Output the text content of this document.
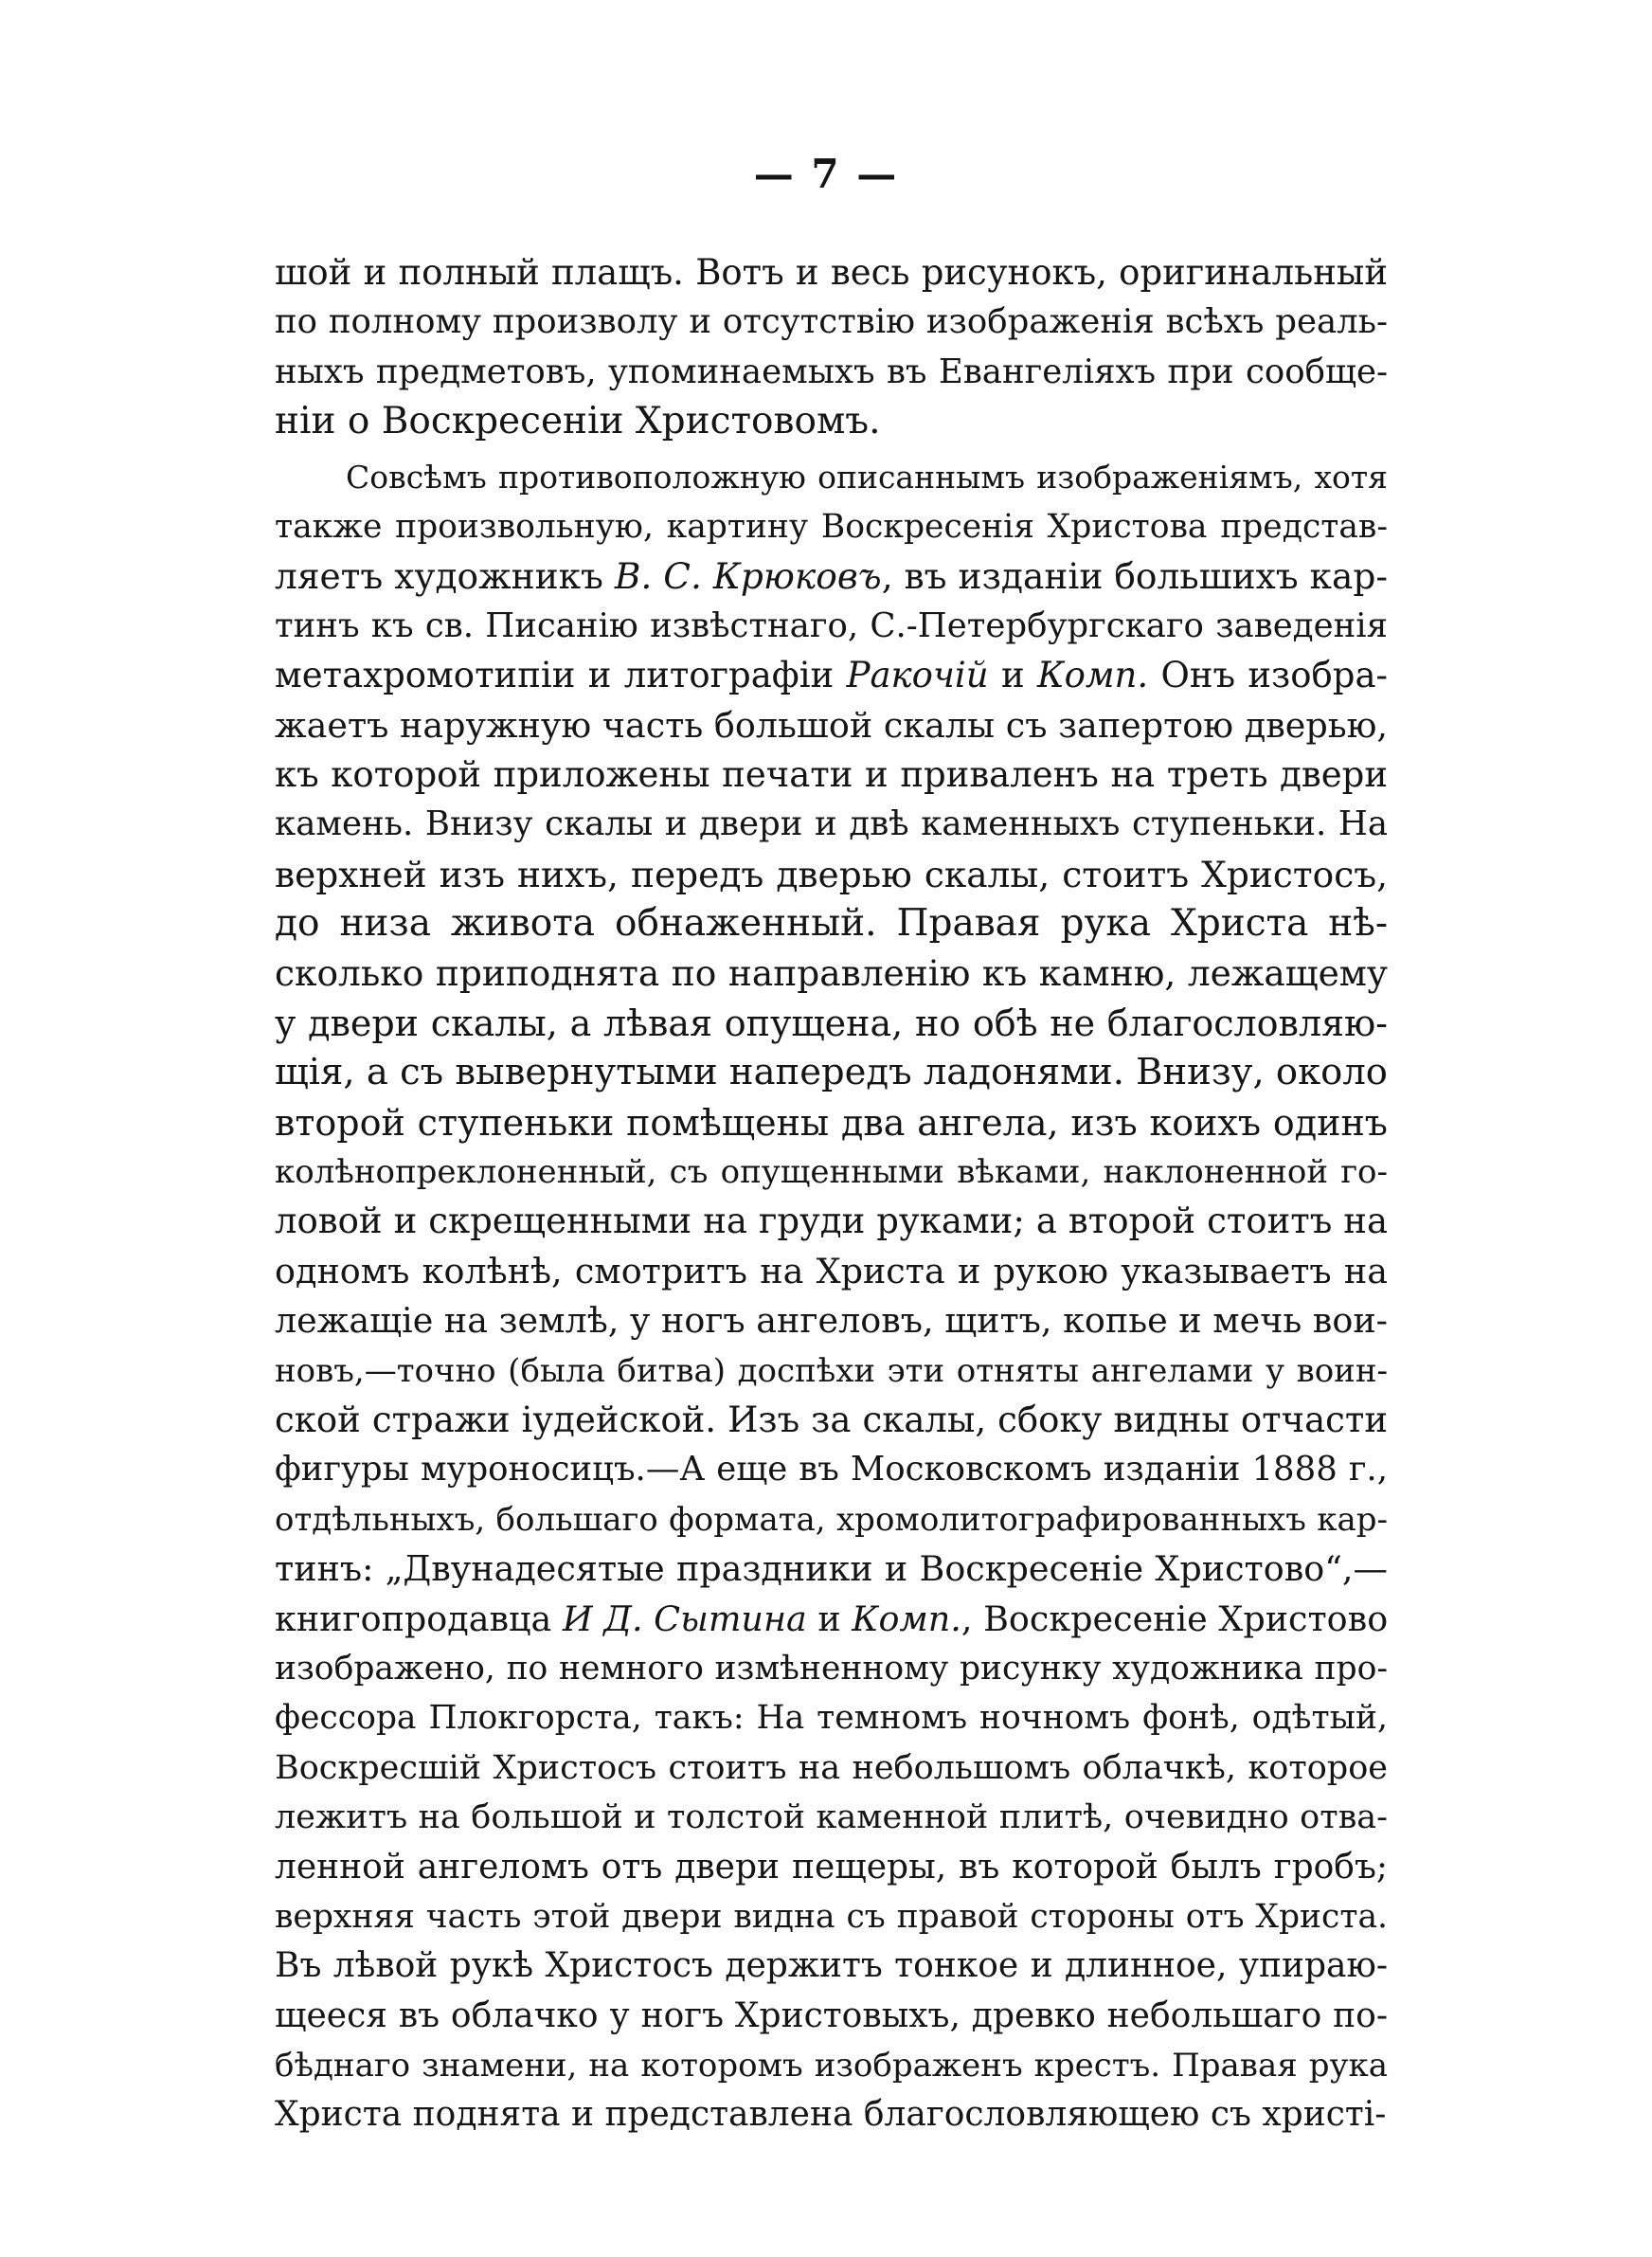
— 7 —
шой и полный плащъ. Вотъ и весь рисунокъ, оригинальный
по полному произволу и отсутствію изображенія всѣхъ реаль-
ныхъ предметовъ, упоминаемыхъ въ Евангеліяхъ при сообще-
ніи о Воскресеніи Христовомъ.
Совсѣмъ противоположную описаннымъ изображеніямъ, хотя
также произвольную, картину Воскресенія Христова представ-
ляетъ художникъ В. С. Крюковъ, въ изданіи большихъ кар-
тинъ къ св. Писанію извѣстнаго, С.-Петербургскаго заведенія
метахромотипіи и литографіи Ракочій и Комп. Онъ изобра-
жаетъ наружную часть большой скалы съ запертою дверью,
къ которой приложены печати и приваленъ на треть двери
камень. Внизу скалы и двери и двѣ каменныхъ ступеньки. На
верхней изъ нихъ, передъ дверью скалы, стоитъ Христосъ,
до низа живота обнаженный. Правая рука Христа нѣ-
сколько приподнята по направленію къ камню, лежащему
у двери скалы, а лѣвая опущена, но обѣ не благословляю-
щія, а съ вывернутыми напередъ ладонями. Внизу, около
второй ступеньки помѣщены два ангела, изъ коихъ одинъ
колѣнопреклоненный, съ опущенными вѣками, наклоненной го-
ловой и скрещенными на груди руками; а второй стоитъ на
одномъ колѣнѣ, смотритъ на Христа и рукою указываетъ на
лежащіе на землѣ, у ногъ ангеловъ, щитъ, копье и мечь вои-
новъ,—точно (была битва) доспѣхи эти отняты ангелами у воин-
ской стражи іудейской. Изъ за скалы, сбоку видны отчасти
фигуры муроносицъ.—А еще въ Московскомъ изданіи 1888 г.,
отдѣльныхъ, большаго формата, хромолитографированныхъ кар-
тинъ: „Двунадесятые праздники и Воскресеніе Христово“,—
книгопродавца И Д. Сытина и Комп., Воскресеніе Христово
изображено, по немного измѣненному рисунку художника про-
фессора Плокгорста, такъ: На темномъ ночномъ фонѣ, одѣтый,
Воскресшій Христосъ стоитъ на небольшомъ облачкѣ, которое
лежитъ на большой и толстой каменной плитѣ, очевидно отва-
ленной ангеломъ отъ двери пещеры, въ которой былъ гробъ;
верхняя часть этой двери видна съ правой стороны отъ Христа.
Въ лѣвой рукѣ Христосъ держитъ тонкое и длинное, упираю-
щееся въ облачко у ногъ Христовыхъ, древко небольшаго по-
бѣднаго знамени, на которомъ изображенъ крестъ. Правая рука
Христа поднята и представлена благословляющею съ христі-
